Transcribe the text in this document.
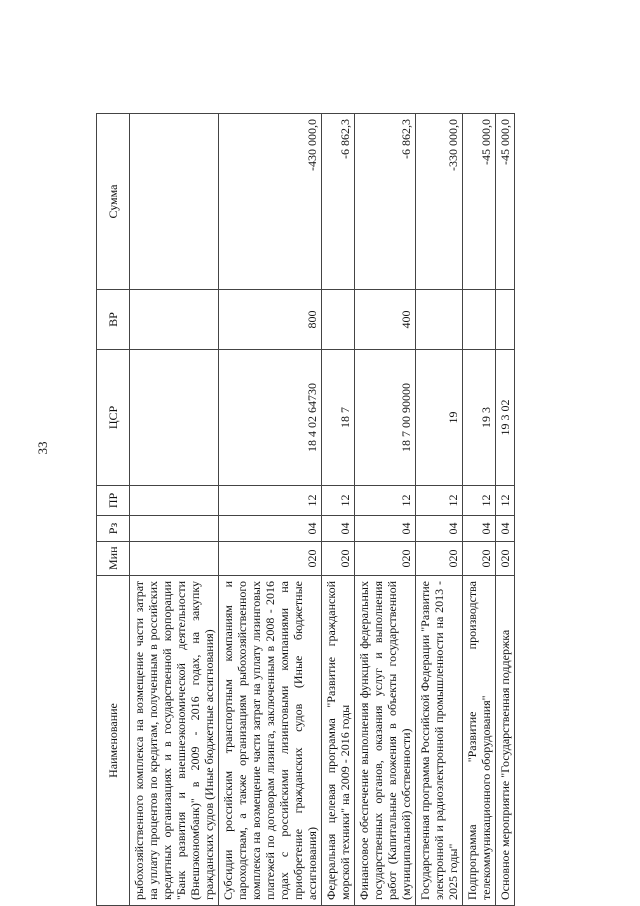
33
Наименование	Мин	Рз	ПР	ЦСР	ВР	Сумма
рыбохозяйственного комплекса на возмещение части затрат на уплату процентов по кредитам, полученным в российских кредитных организациях и в государственной корпорации "Банк развития и внешнеэкономической деятельности (Внешэкономбанк)" в 2009 - 2016 годах, на закупку гражданских судов (Иные бюджетные ассигнования)						
Субсидии российским транспортным компаниям и пароходствам, а также организациям рыбохозяйственного комплекса на возмещение части затрат на уплату лизинговых платежей по договорам лизинга, заключенным в 2008 - 2016 годах с российскими лизинговыми компаниями на приобретение гражданских судов (Иные бюджетные ассигнования)	020	04	12	18 4 02 64730	800	-430 000,0
Федеральная целевая программа "Развитие гражданской морской техники" на 2009 - 2016 годы	020	04	12	18 7		-6 862,3
Финансовое обеспечение выполнения функций федеральных государственных органов, оказания услуг и выполнения работ (Капитальные вложения в объекты государственной (муниципальной) собственности)	020	04	12	18 7 00 90000	400	-6 862,3
Государственная программа Российской Федерации "Развитие электронной и радиоэлектронной промышленности на 2013 - 2025 годы"	020	04	12	19		-330 000,0
Подпрограмма "Развитие производства телекоммуникационного оборудования"	020	04	12	19 3		-45 000,0
Основное мероприятие "Государственная поддержка	020	04	12	19 3 02		-45 000,0
